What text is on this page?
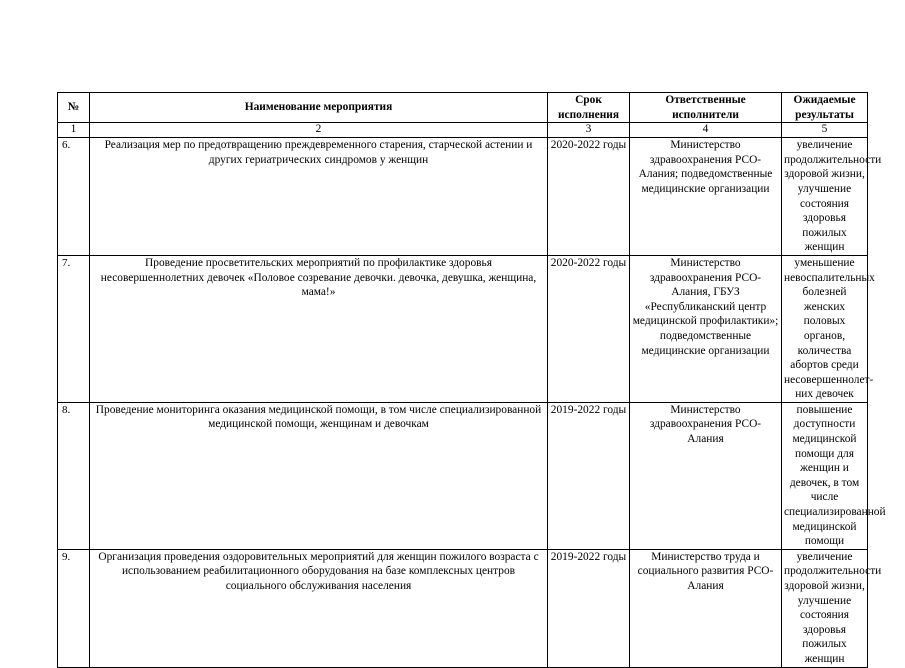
№	Наименование мероприятия	Срок исполнения	Ответственные исполнители	Ожидаемые результаты
1	2	3	4	5
6.	Реализация мер по предотвращению преждевременного старения, старческой астении и других гериатрических синдромов у женщин	2020-2022 годы	Министерство здравоохранения РСО-Алания; подведомственные медицинские организации	увеличение продолжительности здоровой жизни, улучшение состояния здоровья пожилых женщин
7.	Проведение просветительских мероприятий по профилактике здоровья несовершеннолетних девочек «Половое созревание девочки. девочка, девушка, женщина, мама!»	2020-2022 годы	Министерство здравоохранения РСО-Алания, ГБУЗ «Республиканский центр медицинской профилактики»; подведомственные медицинские организации	уменьшение невоспалительных болезней женских половых органов, количества абортов среди несовершеннолет-них девочек
8.	Проведение мониторинга оказания медицинской помощи, в том числе специализированной медицинской помощи, женщинам и девочкам	2019-2022 годы	Министерство здравоохранения РСО-Алания	повышение доступности медицинской помощи для женщин и девочек, в том числе специализированной медицинской помощи
9.	Организация проведения оздоровительных мероприятий для женщин пожилого возраста с использованием реабилитационного оборудования на базе комплексных центров социального обслуживания населения	2019-2022 годы	Министерство труда и социального развития РСО-Алания	увеличение продолжительности здоровой жизни, улучшение состояния здоровья пожилых женщин
